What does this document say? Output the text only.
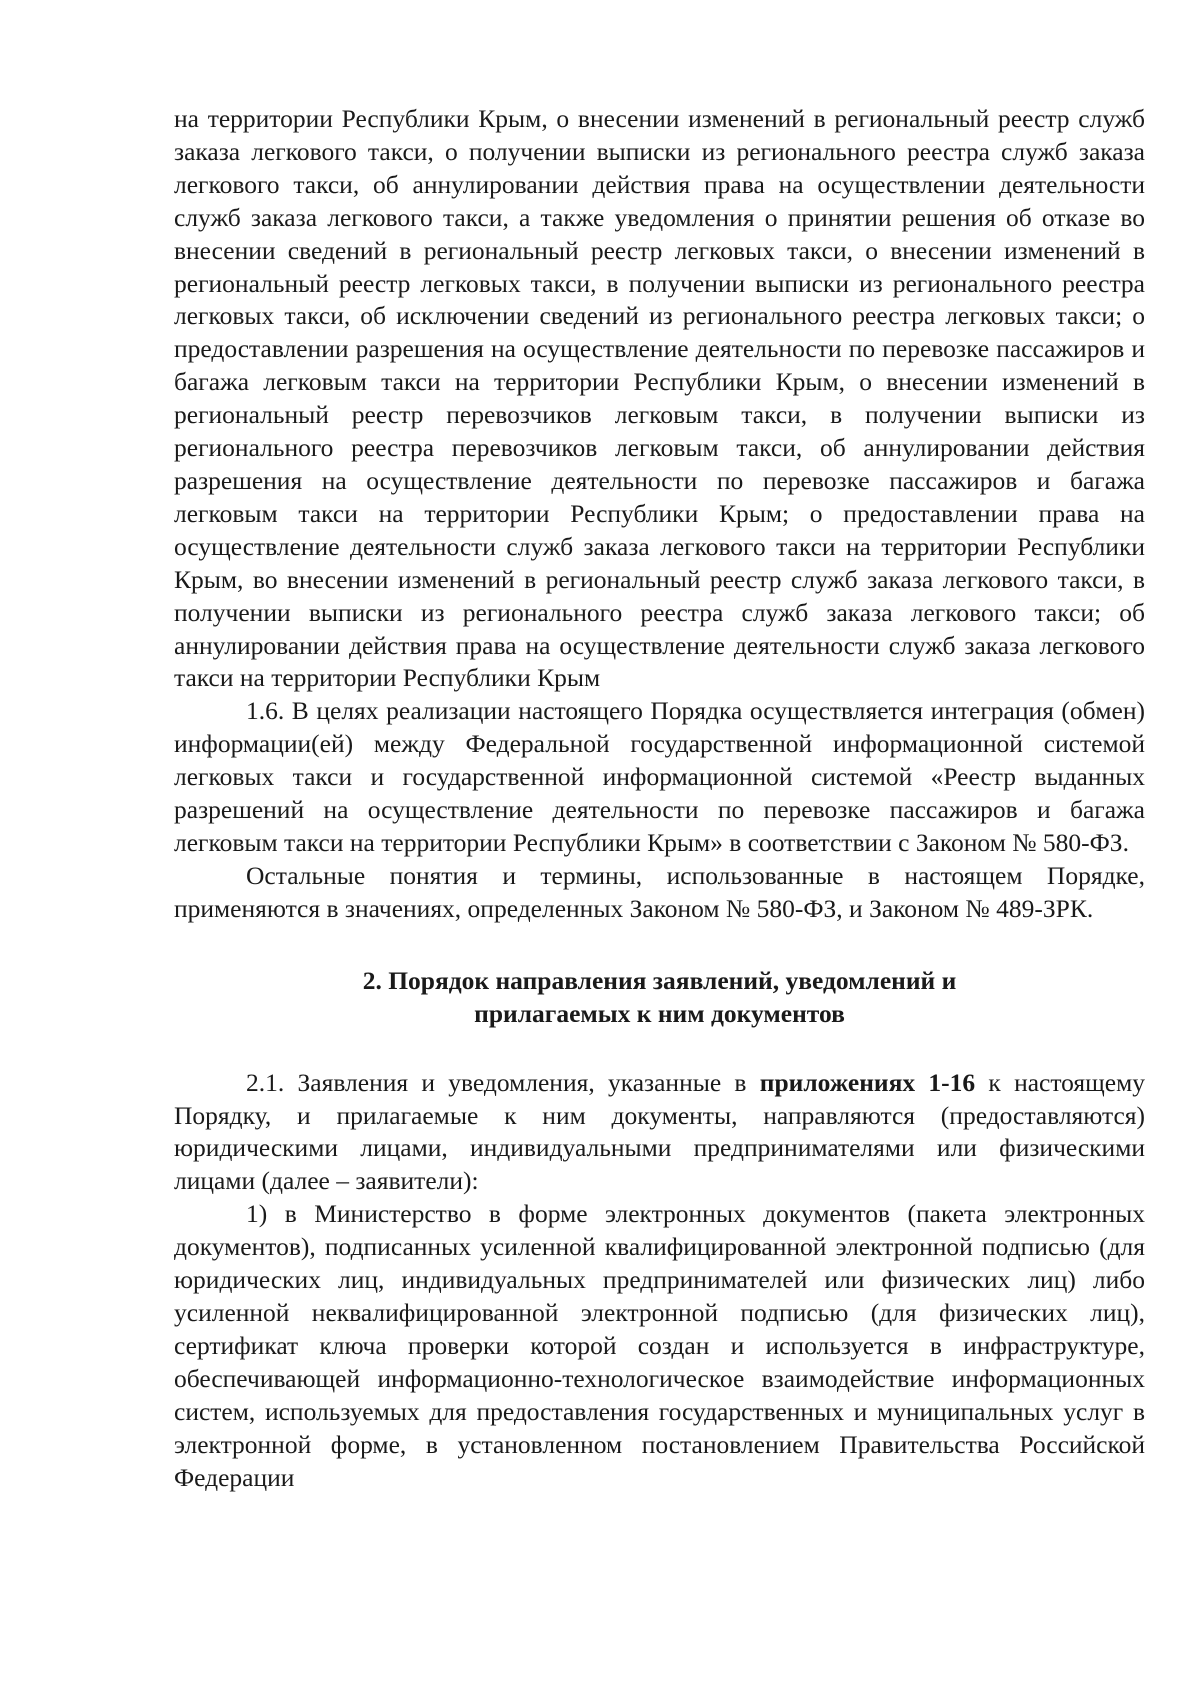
на территории Республики Крым, о внесении изменений в региональный реестр служб заказа легкового такси, о получении выписки из регионального реестра служб заказа легкового такси, об аннулировании действия права на осуществлении деятельности служб заказа легкового такси, а также уведомления о принятии решения об отказе во внесении сведений в региональный реестр легковых такси, о внесении изменений в региональный реестр легковых такси, в получении выписки из регионального реестра легковых такси, об исключении сведений из регионального реестра легковых такси; о предоставлении разрешения на осуществление деятельности по перевозке пассажиров и багажа легковым такси на территории Республики Крым, о внесении изменений в региональный реестр перевозчиков легковым такси, в получении выписки из регионального реестра перевозчиков легковым такси, об аннулировании действия разрешения на осуществление деятельности по перевозке пассажиров и багажа легковым такси на территории Республики Крым; о предоставлении права на осуществление деятельности служб заказа легкового такси на территории Республики Крым, во внесении изменений в региональный реестр служб заказа легкового такси, в получении выписки из регионального реестра служб заказа легкового такси; об аннулировании действия права на осуществление деятельности служб заказа легкового такси на территории Республики Крым

1.6. В целях реализации настоящего Порядка осуществляется интеграция (обмен) информации(ей) между Федеральной государственной информационной системой легковых такси и государственной информационной системой «Реестр выданных разрешений на осуществление деятельности по перевозке пассажиров и багажа легковым такси на территории Республики Крым» в соответствии с Законом № 580-ФЗ.

Остальные понятия и термины, использованные в настоящем Порядке, применяются в значениях, определенных Законом № 580-ФЗ, и Законом № 489-ЗРК.

2. Порядок направления заявлений, уведомлений и
прилагаемых к ним документов

2.1. Заявления и уведомления, указанные в приложениях 1-16 к настоящему Порядку, и прилагаемые к ним документы, направляются (предоставляются) юридическими лицами, индивидуальными предпринимателями или физическими лицами (далее – заявители):

1) в Министерство в форме электронных документов (пакета электронных документов), подписанных усиленной квалифицированной электронной подписью (для юридических лиц, индивидуальных предпринимателей или физических лиц) либо усиленной неквалифицированной электронной подписью (для физических лиц), сертификат ключа проверки которой создан и используется в инфраструктуре, обеспечивающей информационно-технологическое взаимодействие информационных систем, используемых для предоставления государственных и муниципальных услуг в электронной форме, в установленном постановлением Правительства Российской Федерации
